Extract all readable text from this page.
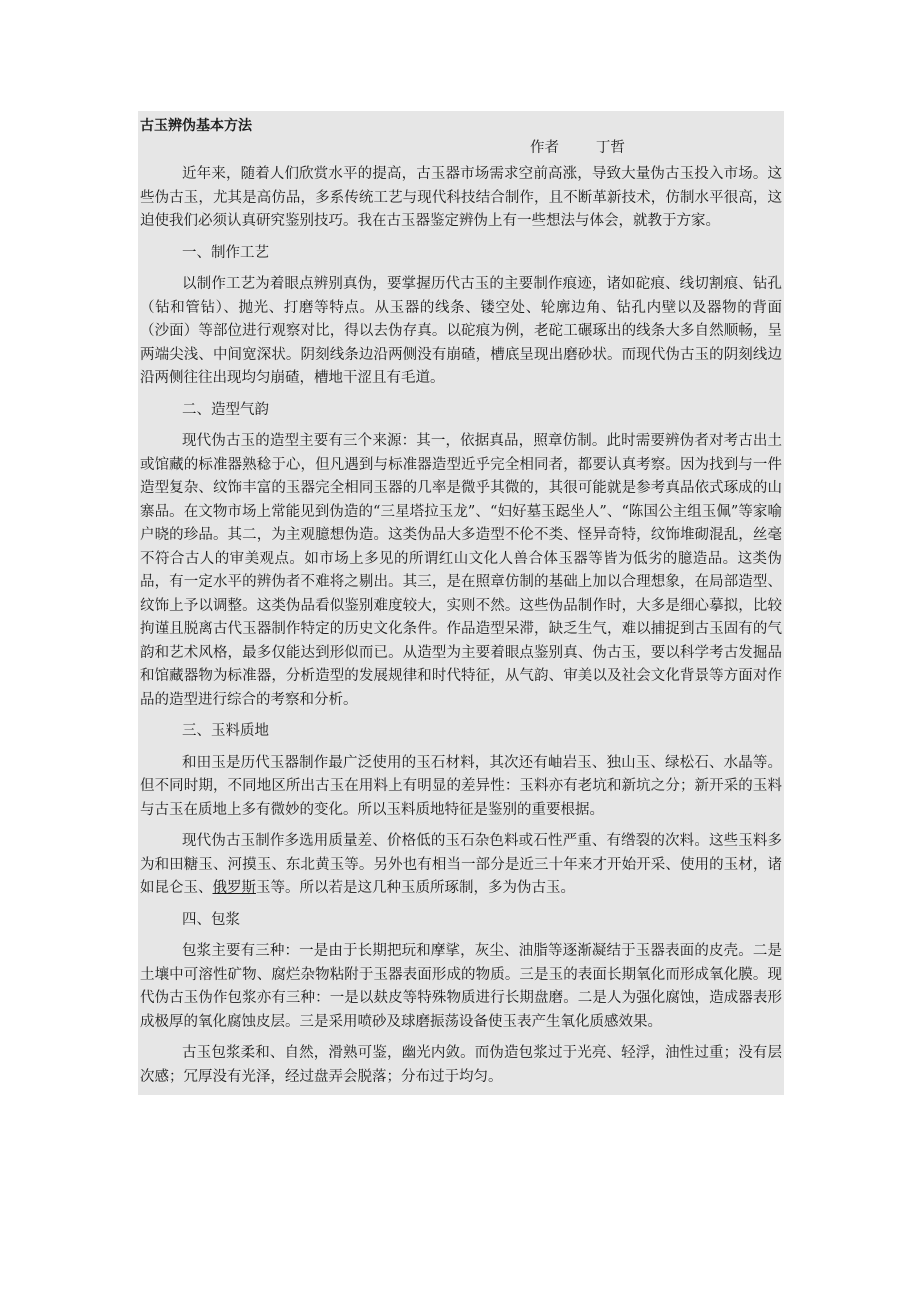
古玉辨伪基本方法

作者	丁哲

近年来，随着人们欣赏水平的提高，古玉器市场需求空前高涨，导致大量伪古玉投入市场。这些伪古玉，尤其是高仿品，多系传统工艺与现代科技结合制作，且不断革新技术，仿制水平很高，这迫使我们必须认真研究鉴别技巧。我在古玉器鉴定辨伪上有一些想法与体会，就教于方家。

一、制作工艺

以制作工艺为着眼点辨别真伪，要掌握历代古玉的主要制作痕迹，诸如砣痕、线切割痕、钻孔（钻和管钻）、抛光、打磨等特点。从玉器的线条、镂空处、轮廓边角、钻孔内壁以及器物的背面（沙面）等部位进行观察对比，得以去伪存真。以砣痕为例，老砣工碾琢出的线条大多自然顺畅，呈两端尖浅、中间宽深状。阴刻线条边沿两侧没有崩碴，槽底呈现出磨砂状。而现代伪古玉的阴刻线边沿两侧往往出现均匀崩碴，槽地干涩且有毛道。

二、造型气韵

现代伪古玉的造型主要有三个来源：其一，依据真品，照章仿制。此时需要辨伪者对考古出土或馆藏的标准器熟稔于心，但凡遇到与标准器造型近乎完全相同者，都要认真考察。因为找到与一件造型复杂、纹饰丰富的玉器完全相同玉器的几率是微乎其微的，其很可能就是参考真品依式琢成的山寨品。在文物市场上常能见到伪造的“三星塔拉玉龙”、“妇好墓玉跽坐人”、“陈国公主组玉佩”等家喻户晓的珍品。其二，为主观臆想伪造。这类伪品大多造型不伦不类、怪异奇特，纹饰堆砌混乱，丝毫不符合古人的审美观点。如市场上多见的所谓红山文化人兽合体玉器等皆为低劣的臆造品。这类伪品，有一定水平的辨伪者不难将之剔出。其三，是在照章仿制的基础上加以合理想象，在局部造型、纹饰上予以调整。这类伪品看似鉴别难度较大，实则不然。这些伪品制作时，大多是细心摹拟，比较拘谨且脱离古代玉器制作特定的历史文化条件。作品造型呆滞，缺乏生气，难以捕捉到古玉固有的气韵和艺术风格，最多仅能达到形似而已。从造型为主要着眼点鉴别真、伪古玉，要以科学考古发掘品和馆藏器物为标准器，分析造型的发展规律和时代特征，从气韵、审美以及社会文化背景等方面对作品的造型进行综合的考察和分析。

三、玉料质地

和田玉是历代玉器制作最广泛使用的玉石材料，其次还有岫岩玉、独山玉、绿松石、水晶等。但不同时期，不同地区所出古玉在用料上有明显的差异性：玉料亦有老坑和新坑之分；新开采的玉料与古玉在质地上多有微妙的变化。所以玉料质地特征是鉴别的重要根据。

现代伪古玉制作多选用质量差、价格低的玉石杂色料或石性严重、有绺裂的次料。这些玉料多为和田糖玉、河摸玉、东北黄玉等。另外也有相当一部分是近三十年来才开始开采、使用的玉材，诸如昆仑玉、俄罗斯玉等。所以若是这几种玉质所琢制，多为伪古玉。

四、包浆

包浆主要有三种：一是由于长期把玩和摩挲，灰尘、油脂等逐渐凝结于玉器表面的皮壳。二是土壤中可溶性矿物、腐烂杂物粘附于玉器表面形成的物质。三是玉的表面长期氧化而形成氧化膜。现代伪古玉伪作包浆亦有三种：一是以麸皮等特殊物质进行长期盘磨。二是人为强化腐蚀，造成器表形成极厚的氧化腐蚀皮层。三是采用喷砂及球磨振荡设备使玉表产生氧化质感效果。

古玉包浆柔和、自然，滑熟可鉴，幽光内敛。而伪造包浆过于光亮、轻浮，油性过重；没有层次感；冗厚没有光泽，经过盘弄会脱落；分布过于均匀。
